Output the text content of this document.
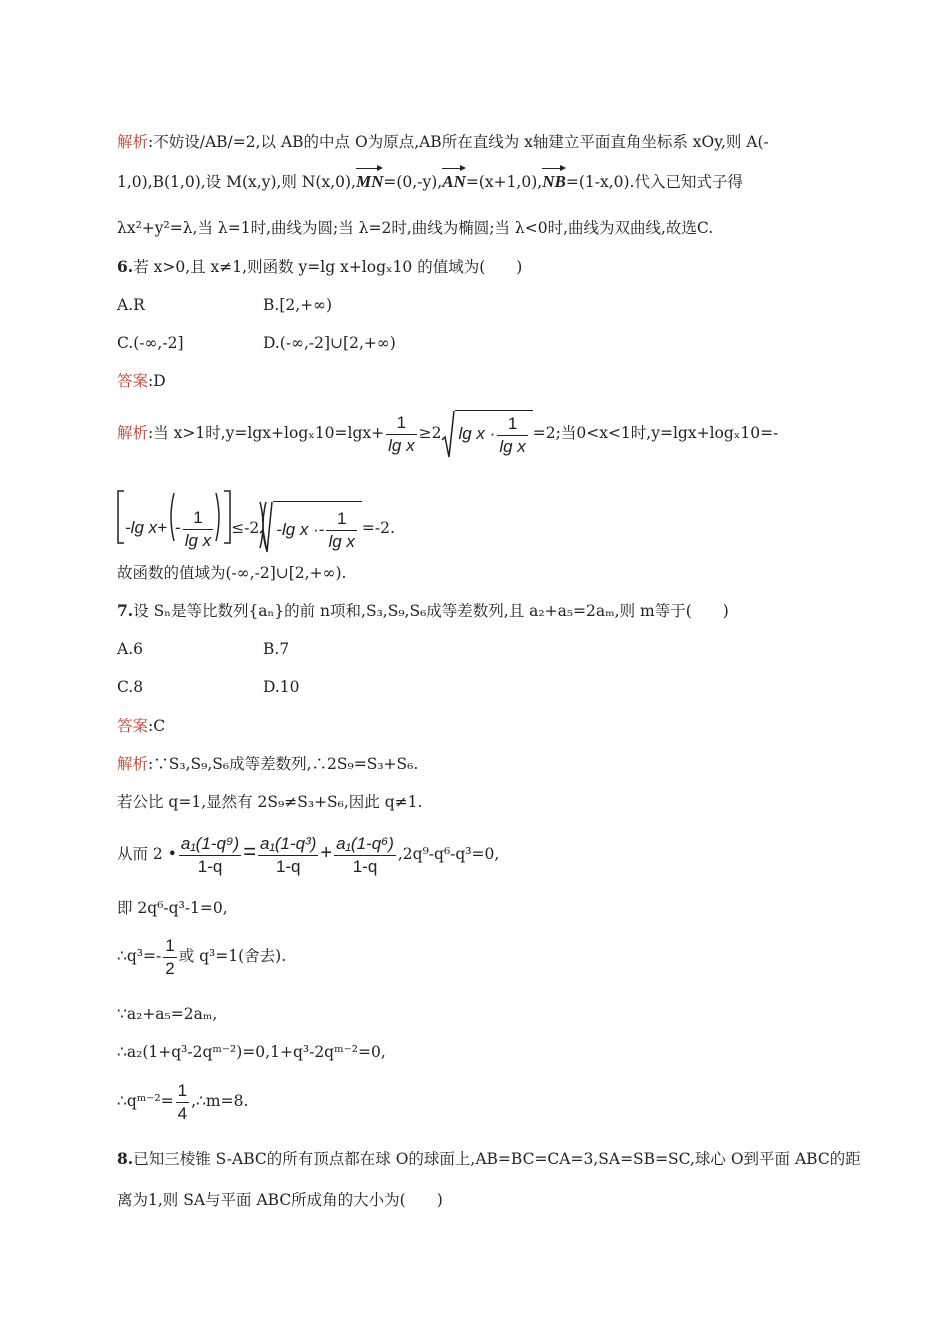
解析:不妨设/AB/=2,以 AB的中点 O为原点,AB所在直线为 x轴建立平面直角坐标系 xOy,则 A(-
1,0),B(1,0),设 M(x,y),则 N(x,0),MN=(0,-y),AN=(x+1,0),NB=(1-x,0).代入已知式子得
λx²+y²=λ,当 λ=1时,曲线为圆;当 λ=2时,曲线为椭圆;当 λ<0时,曲线为双曲线,故选C.
6.若 x>0,且 x≠1,则函数 y=lg x+logₓ10 的值域为(　　)
A.R	B.[2,+∞)
C.(-∞,-2]	D.(-∞,-2]∪[2,+∞)
答案:D
解析:当 x>1时$,y=\lg x+\log_x10=\lg x+ \frac{1}{\text{lg x}} \ge 2$ $\lg x \cdot \frac{1}{\text{lg x}} =2$;当0<x<1时,y=lgx+logₓ10=-
-lg $x+ - \frac{1}{\text{lg x}} \le-2$ -lg x ·
- $\frac{1}{\text{lg x}} =-2$.
故函数的值域为(-∞,-2]∪[2,+∞).
7.设 Sₙ是等比数列{aₙ}的前 n项和,S₃,S₉,S₆成等差数列,且 a₂+a₅=2aₘ,则 m等于(　　)
A.6	B.7
C.8	D.10
答案:C
解析:∵S₃,S₉,S₆成等差数列,∴2S₉=S₃+S₆.
若公比 q=1,显然有 2S₉≠S₃+S₆,因此 q≠1.
从而 2 • $\frac{\text{a₁(1-q⁹)}}{1-q} = \frac{\text{a₁(1-q³)}}{1-q} + \frac{\text{a₁(1-q⁶)}}{1-q} ,2q^9-q^6-q^3=0$,
即 2q⁶-q³-1=0,
∴q³=- $\frac{1}{2}$ 或 q³=1(舍去).
∵a₂+a₅=2aₘ,
∴a₂(1+q³-2qᵐ⁻²)=0,1+q³-2qᵐ⁻²=0,
∴qᵐ⁻²= $\frac{1}{4}$ ,∴m=8.
8.已知三棱锥 S-ABC的所有顶点都在球 O的球面上,AB=BC=CA=3,SA=SB=SC,球心 O到平面 ABC的距
离为1,则 SA与平面 ABC所成角的大小为(　　)
